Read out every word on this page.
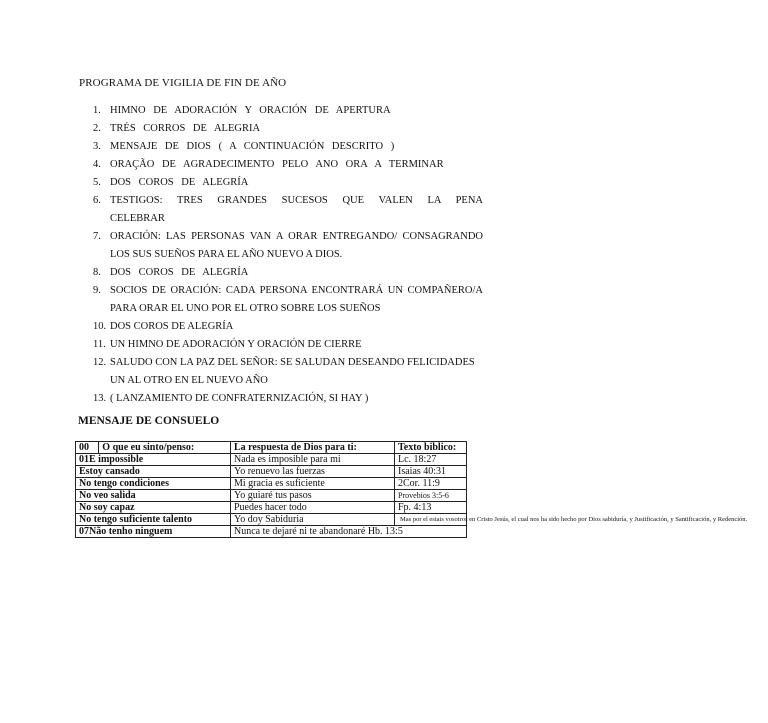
PROGRAMA DE VIGILIA DE FIN DE AÑO
1. HIMNO DE ADORACIÓN Y ORACIÓN DE APERTURA
2. TRÉS CORROS DE ALEGRIA
3. MENSAJE DE DIOS ( A CONTINUACIÓN DESCRITO )
4. ORAÇÃO DE AGRADECIMENTO PELO ANO ORA A TERMINAR
5. DOS COROS DE ALEGRÍA
6. TESTIGOS: TRES GRANDES SUCESOS QUE VALEN LA PENA CELEBRAR
7. ORACIÓN: LAS PERSONAS VAN A ORAR ENTREGANDO/ CONSAGRANDO LOS SUS SUEÑOS PARA EL AÑO NUEVO A DIOS.
8. DOS COROS DE ALEGRÍA
9. SOCIOS DE ORACIÓN: CADA PERSONA ENCONTRARÁ UN COMPAÑERO/A PARA ORAR EL UNO POR EL OTRO SOBRE LOS SUEÑOS
10. DOS COROS DE ALEGRÍA
11. UN HIMNO DE ADORACIÓN Y ORACIÓN DE CIERRE
12. SALUDO CON LA PAZ DEL SEÑOR: SE SALUDAN DESEANDO FELICIDADES UN AL OTRO EN EL NUEVO AÑO
13. ( LANZAMIENTO DE CONFRATERNIZACIÓN, SI HAY )
MENSAJE DE CONSUELO
00	O que eu sinto/penso:	La respuesta de Dios para ti:	Texto biblico:
01E impossible		Nada es imposible para mi	Lc. 18:27
Estoy cansado		Yo renuevo las fuerzas	Isaias 40:31
No tengo condiciones		Mi gracia es suficiente	2Cor. 11:9
No veo salida		Yo guiaré tus pasos	Provebios 3:5-6
No soy capaz		Puedes hacer todo	Fp. 4:13
No tengo suficiente talento		Yo doy Sabiduria	
07Não tenho ninguem		Nunca te dejaré ni te abandonaré Hb. 13:5	
Mas por el estais vosotros en Cristo Jesús, el cual nos ha sido hecho por Dios sabiduría, y Justificación, y Santificación, y Redención.
